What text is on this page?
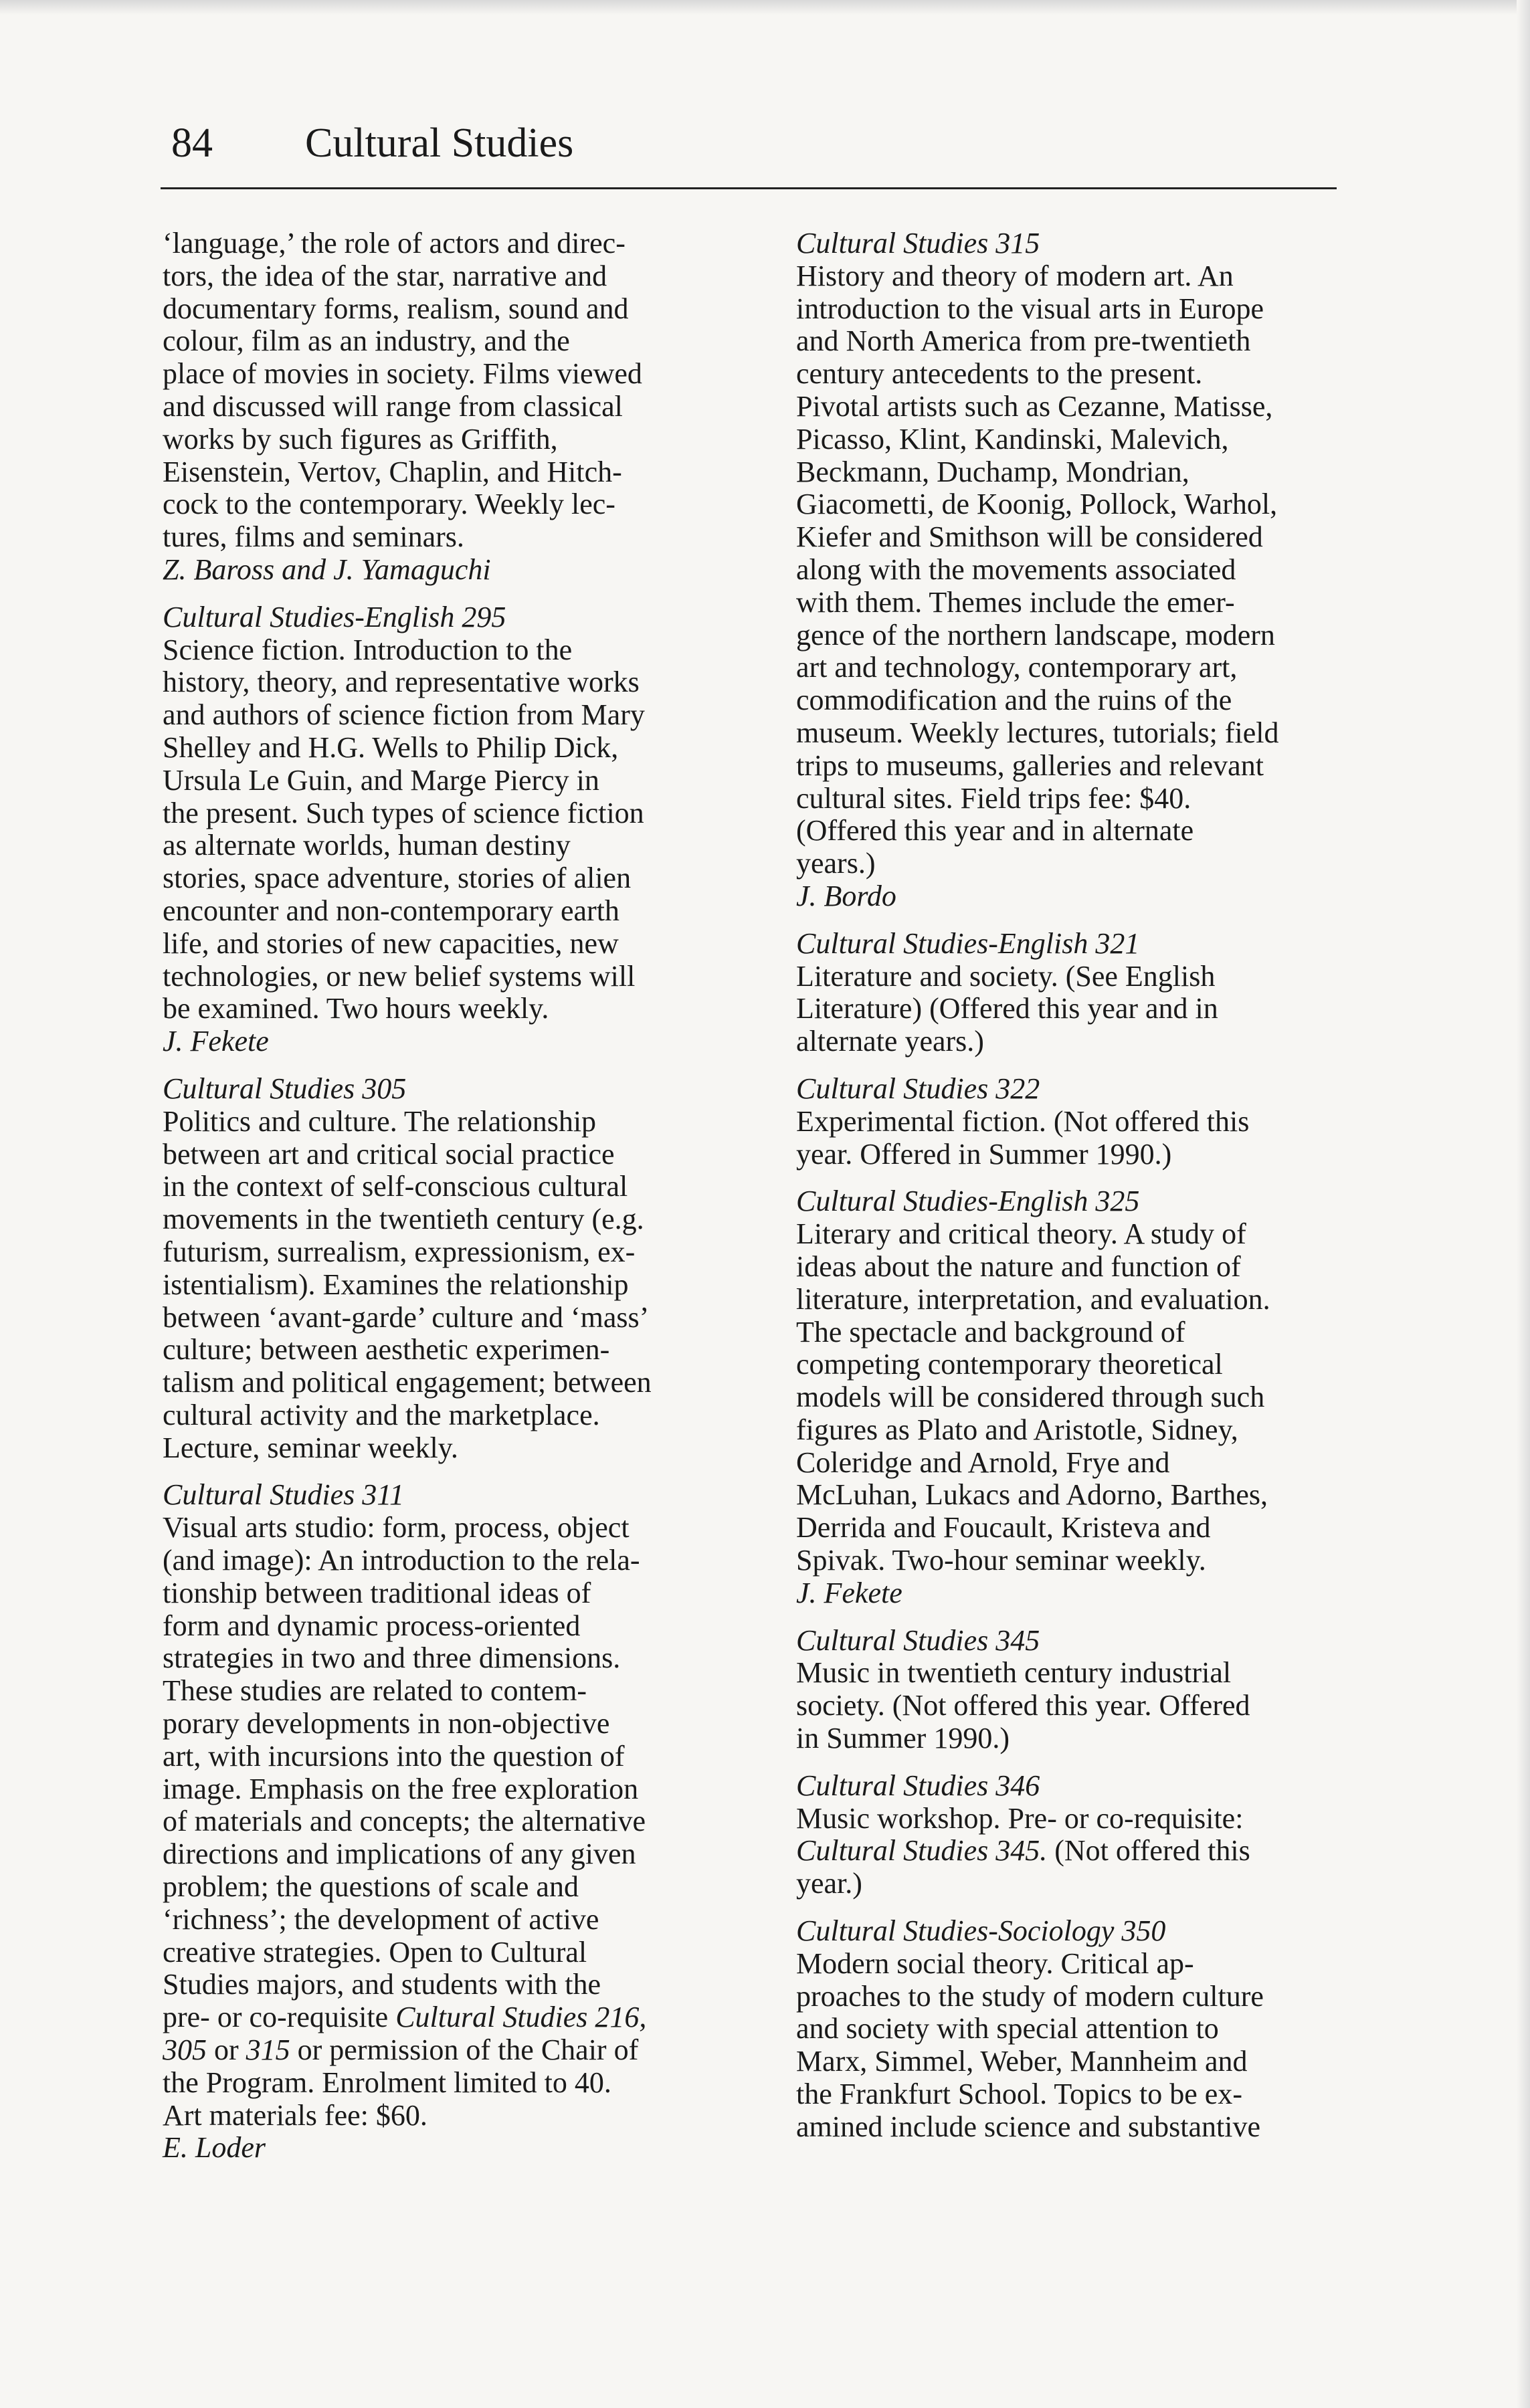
84 Cultural Studies
‘language,’ the role of actors and direc-
tors, the idea of the star, narrative and
documentary forms, realism, sound and
colour, film as an industry, and the
place of movies in society. Films viewed
and discussed will range from classical
works by such figures as Griffith,
Eisenstein, Vertov, Chaplin, and Hitch-
cock to the contemporary. Weekly lec-
tures, films and seminars.
Z. Baross and J. Yamaguchi
Cultural Studies-English 295
Science fiction. Introduction to the
history, theory, and representative works
and authors of science fiction from Mary
Shelley and H.G. Wells to Philip Dick,
Ursula Le Guin, and Marge Piercy in
the present. Such types of science fiction
as alternate worlds, human destiny
stories, space adventure, stories of alien
encounter and non-contemporary earth
life, and stories of new capacities, new
technologies, or new belief systems will
be examined. Two hours weekly.
J. Fekete
Cultural Studies 305
Politics and culture. The relationship
between art and critical social practice
in the context of self-conscious cultural
movements in the twentieth century (e.g.
futurism, surrealism, expressionism, ex-
istentialism). Examines the relationship
between ‘avant-garde’ culture and ‘mass’
culture; between aesthetic experimen-
talism and political engagement; between
cultural activity and the marketplace.
Lecture, seminar weekly.
Cultural Studies 311
Visual arts studio: form, process, object
(and image): An introduction to the rela-
tionship between traditional ideas of
form and dynamic process-oriented
strategies in two and three dimensions.
These studies are related to contem-
porary developments in non-objective
art, with incursions into the question of
image. Emphasis on the free exploration
of materials and concepts; the alternative
directions and implications of any given
problem; the questions of scale and
‘richness’; the development of active
creative strategies. Open to Cultural
Studies majors, and students with the
pre- or co-requisite Cultural Studies 216,
305 or 315 or permission of the Chair of
the Program. Enrolment limited to 40.
Art materials fee: $60.
E. Loder
Cultural Studies 315
History and theory of modern art. An
introduction to the visual arts in Europe
and North America from pre-twentieth
century antecedents to the present.
Pivotal artists such as Cezanne, Matisse,
Picasso, Klint, Kandinski, Malevich,
Beckmann, Duchamp, Mondrian,
Giacometti, de Koonig, Pollock, Warhol,
Kiefer and Smithson will be considered
along with the movements associated
with them. Themes include the emer-
gence of the northern landscape, modern
art and technology, contemporary art,
commodification and the ruins of the
museum. Weekly lectures, tutorials; field
trips to museums, galleries and relevant
cultural sites. Field trips fee: $40.
(Offered this year and in alternate
years.)
J. Bordo
Cultural Studies-English 321
Literature and society. (See English
Literature) (Offered this year and in
alternate years.)
Cultural Studies 322
Experimental fiction. (Not offered this
year. Offered in Summer 1990.)
Cultural Studies-English 325
Literary and critical theory. A study of
ideas about the nature and function of
literature, interpretation, and evaluation.
The spectacle and background of
competing contemporary theoretical
models will be considered through such
figures as Plato and Aristotle, Sidney,
Coleridge and Arnold, Frye and
McLuhan, Lukacs and Adorno, Barthes,
Derrida and Foucault, Kristeva and
Spivak. Two-hour seminar weekly.
J. Fekete
Cultural Studies 345
Music in twentieth century industrial
society. (Not offered this year. Offered
in Summer 1990.)
Cultural Studies 346
Music workshop. Pre- or co-requisite:
Cultural Studies 345. (Not offered this
year.)
Cultural Studies-Sociology 350
Modern social theory. Critical ap-
proaches to the study of modern culture
and society with special attention to
Marx, Simmel, Weber, Mannheim and
the Frankfurt School. Topics to be ex-
amined include science and substantive
